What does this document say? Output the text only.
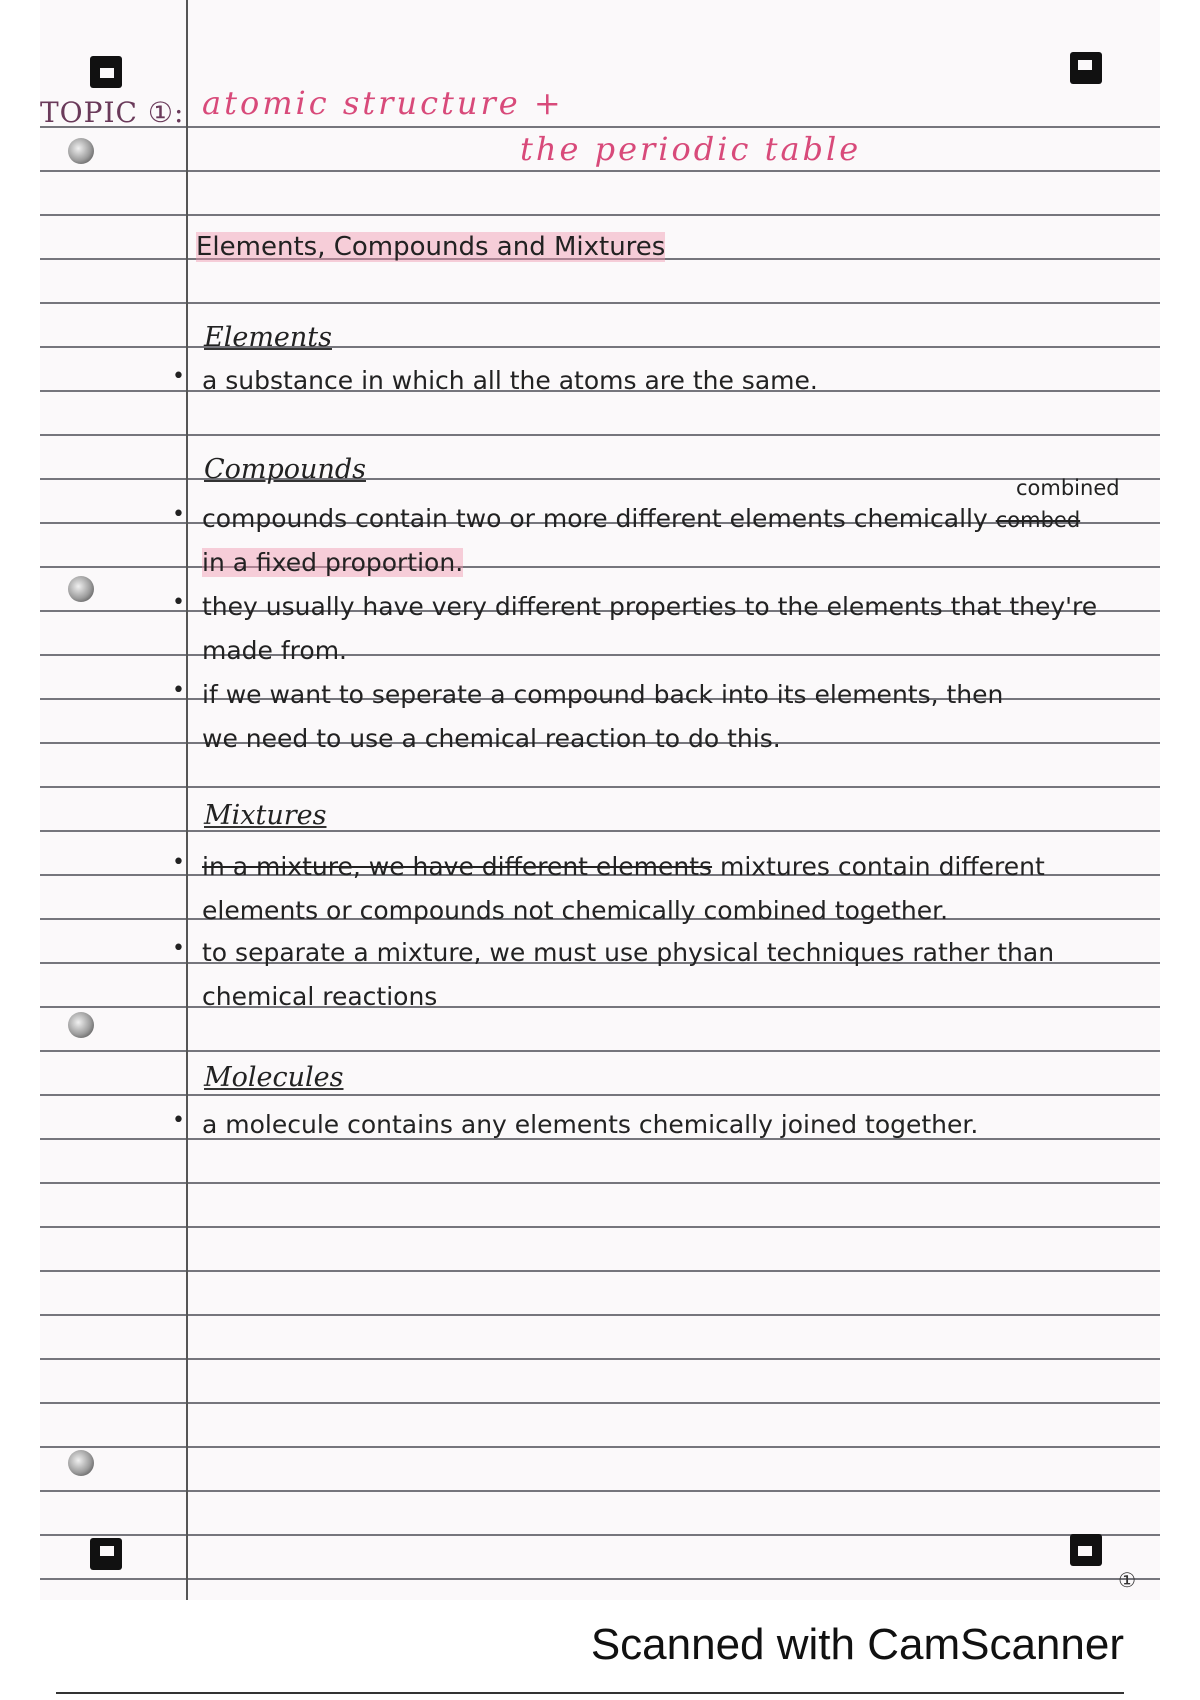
TOPIC ①: atomic structure +
the periodic table
Elements, Compounds and Mixtures
Elements
• a substance in which all the atoms are the same.
Compounds
combined
• compounds contain two or more different elements chemically combed
in a fixed proportion.
• they usually have very different properties to the elements that they're
made from.
• if we want to seperate a compound back into its elements, then
we need to use a chemical reaction to do this.
Mixtures
• in a mixture, we have different elements mixtures contain different
elements or compounds not chemically combined together.
• to separate a mixture, we must use physical techniques rather than
chemical reactions
Molecules
• a molecule contains any elements chemically joined together.
①
Scanned with CamScanner
